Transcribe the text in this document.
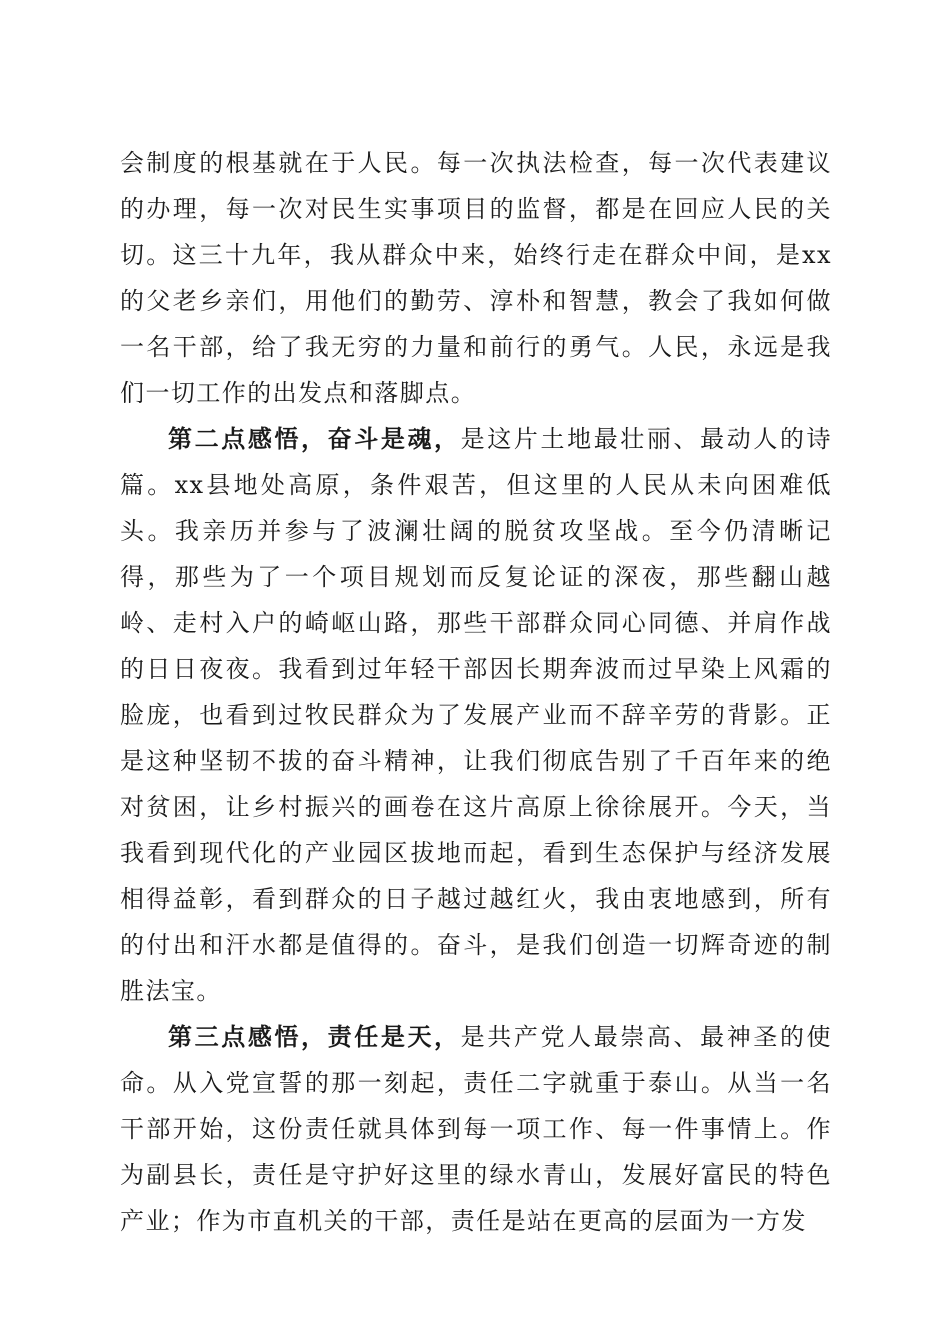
会制度的根基就在于人民。每一次执法检查，每一次代表建议的办理，每一次对民生实事项目的监督，都是在回应人民的关切。这三十九年，我从群众中来，始终行走在群众中间，是xx的父老乡亲们，用他们的勤劳、淳朴和智慧，教会了我如何做一名干部，给了我无穷的力量和前行的勇气。人民，永远是我们一切工作的出发点和落脚点。

第二点感悟，奋斗是魂，是这片土地最壮丽、最动人的诗篇。xx县地处高原，条件艰苦，但这里的人民从未向困难低头。我亲历并参与了波澜壮阔的脱贫攻坚战。至今仍清晰记得，那些为了一个项目规划而反复论证的深夜，那些翻山越岭、走村入户的崎岖山路，那些干部群众同心同德、并肩作战的日日夜夜。我看到过年轻干部因长期奔波而过早染上风霜的脸庞，也看到过牧民群众为了发展产业而不辞辛劳的背影。正是这种坚韧不拔的奋斗精神，让我们彻底告别了千百年来的绝对贫困，让乡村振兴的画卷在这片高原上徐徐展开。今天，当我看到现代化的产业园区拔地而起，看到生态保护与经济发展相得益彰，看到群众的日子越过越红火，我由衷地感到，所有的付出和汗水都是值得的。奋斗，是我们创造一切辉奇迹的制胜法宝。

第三点感悟，责任是天，是共产党人最崇高、最神圣的使命。从入党宣誓的那一刻起，责任二字就重于泰山。从当一名干部开始，这份责任就具体到每一项工作、每一件事情上。作为副县长，责任是守护好这里的绿水青山，发展好富民的特色产业；作为市直机关的干部，责任是站在更高的层面为一方发
